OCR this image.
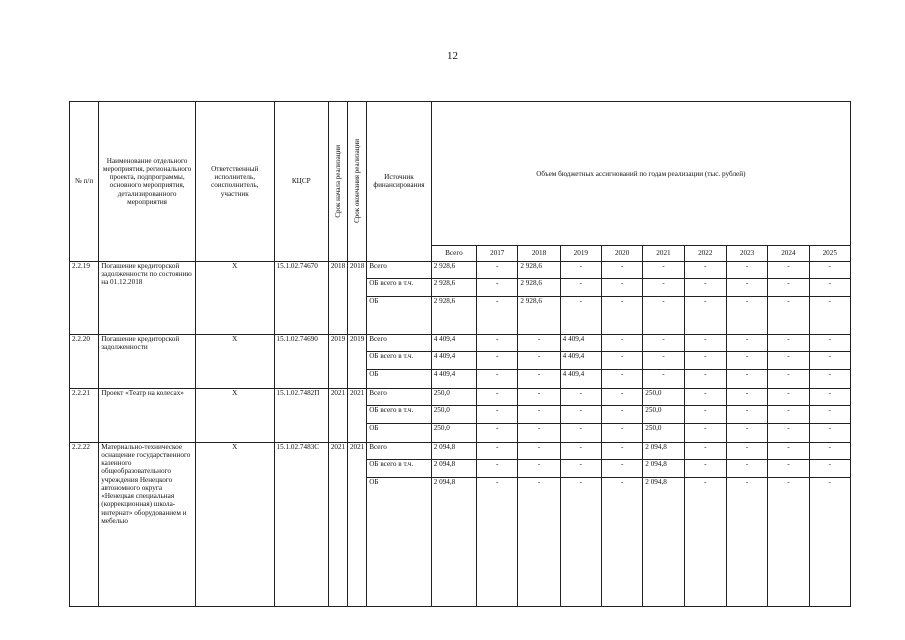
12
№ п/п	Наименование отдельного мероприятия, регионального проекта, подпрограммы, основного мероприятия, детализированного мероприятия	Ответственный исполнитель, соисполнитель, участник	КЦСР	Срок начала реализации	Срок окончания реализации	Источник финансирования	Объем бюджетных ассигнований по годам реализации (тыс. рублей)									
							Всего	2017	2018	2019	2020	2021	2022	2023	2024	2025
2.2.19	Погашение кредиторской задолженности по состоянию на 01.12.2018	Х	15.1.02.74670	2018	2018	Всего	2 928,6	-	2 928,6	-	-	-	-	-	-	-
						ОБ всего в т.ч.	2 928,6	-	2 928,6	-	-	-	-	-	-	-
						ОБ	2 928,6	-	2 928,6	-	-	-	-	-	-	-
2.2.20	Погашение кредиторской задолженности	Х	15.1.02.74690	2019	2019	Всего	4 409,4	-	-	4 409,4	-	-	-	-	-	-
						ОБ всего в т.ч.	4 409,4	-	-	4 409,4	-	-	-	-	-	-
						ОБ	4 409,4	-	-	4 409,4	-	-	-	-	-	-
2.2.21	Проект «Театр на колесах»	Х	15.1.02.7482П	2021	2021	Всего	250,0	-	-	-	-	250,0	-	-	-	-
						ОБ всего в т.ч.	250,0	-	-	-	-	250,0	-	-	-	-
						ОБ	250,0	-	-	-	-	250,0	-	-	-	-
2.2.22	Материально-техническое оснащение государственного казенного общеобразовательного учреждения Ненецкого автономного округа «Ненецкая специальная (коррекционная) школа-интернат» оборудованием и мебелью	Х	15.1.02.7483С	2021	2021	Всего	2 094,8	-	-	-	-	2 094,8	-	-	-	-
						ОБ всего в т.ч.	2 094,8	-	-	-	-	2 094,8	-	-	-	-
						ОБ	2 094,8	-	-	-	-	2 094,8	-	-	-	-
